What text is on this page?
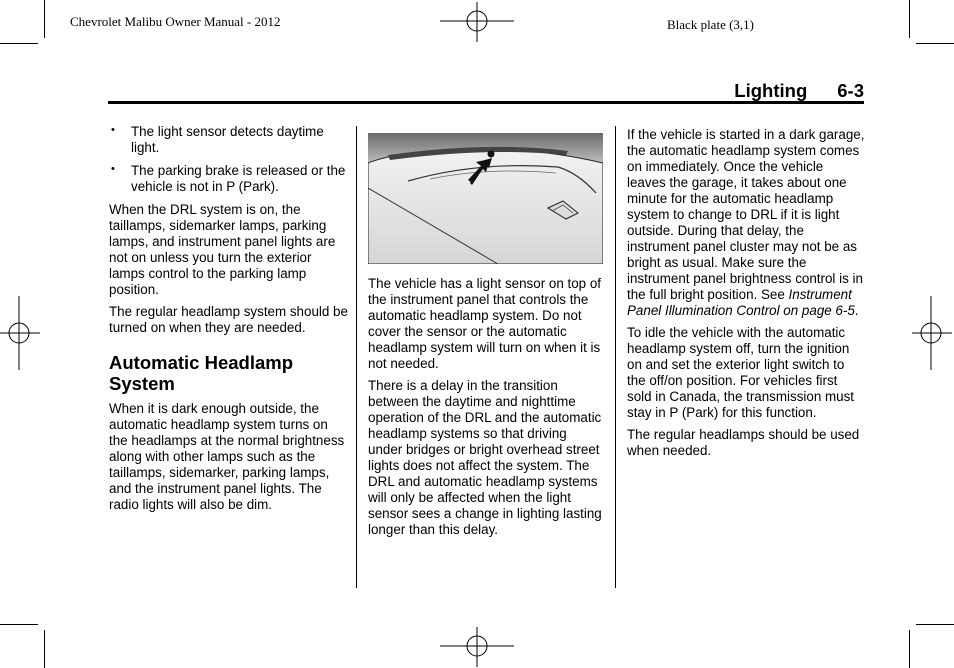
Chevrolet Malibu Owner Manual - 2012	Black plate (3,1)
Lighting 6-3
• The light sensor detects daytime light.
• The parking brake is released or the vehicle is not in P (Park).

When the DRL system is on, the taillamps, sidemarker lamps, parking lamps, and instrument panel lights are not on unless you turn the exterior lamps control to the parking lamp position.

The regular headlamp system should be turned on when they are needed.

Automatic Headlamp System

When it is dark enough outside, the automatic headlamp system turns on the headlamps at the normal brightness along with other lamps such as the taillamps, sidemarker, parking lamps, and the instrument panel lights. The radio lights will also be dim.

The vehicle has a light sensor on top of the instrument panel that controls the automatic headlamp system. Do not cover the sensor or the automatic headlamp system will turn on when it is not needed.

There is a delay in the transition between the daytime and nighttime operation of the DRL and the automatic headlamp systems so that driving under bridges or bright overhead street lights does not affect the system. The DRL and automatic headlamp systems will only be affected when the light sensor sees a change in lighting lasting longer than this delay.

If the vehicle is started in a dark garage, the automatic headlamp system comes on immediately. Once the vehicle leaves the garage, it takes about one minute for the automatic headlamp system to change to DRL if it is light outside. During that delay, the instrument panel cluster may not be as bright as usual. Make sure the instrument panel brightness control is in the full bright position. See Instrument Panel Illumination Control on page 6-5.

To idle the vehicle with the automatic headlamp system off, turn the ignition on and set the exterior light switch to the off/on position. For vehicles first sold in Canada, the transmission must stay in P (Park) for this function.

The regular headlamps should be used when needed.
